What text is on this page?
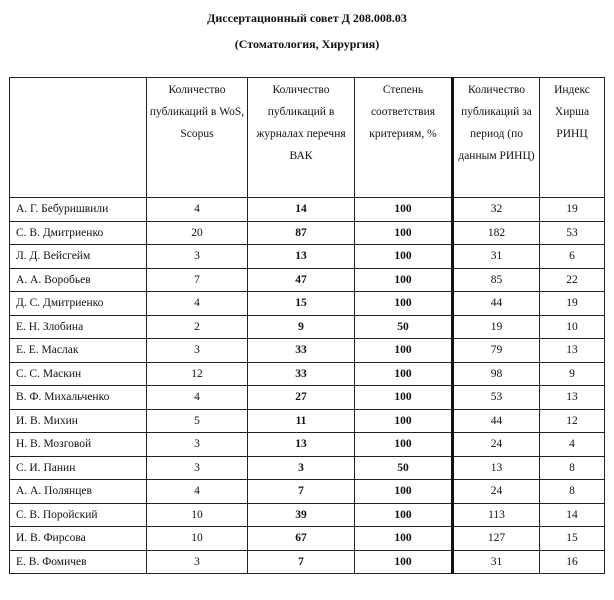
Диссертационный совет Д 208.008.03
(Стоматология, Хирургия)
	Количество публикаций в WoS, Scopus	Количество публикаций в журналах перечня ВАК	Степень соответствия критериям, %	Количество публикаций за период (по данным РИНЦ)	Индекс Хирша РИНЦ
А. Г. Бебуришвили	4	14	100	32	19
С. В. Дмитриенко	20	87	100	182	53
Л. Д. Вейсгейм	3	13	100	31	6
А. А. Воробьев	7	47	100	85	22
Д. С. Дмитриенко	4	15	100	44	19
Е. Н. Злобина	2	9	50	19	10
Е. Е. Маслак	3	33	100	79	13
С. С. Маскин	12	33	100	98	9
В. Ф. Михальченко	4	27	100	53	13
И. В. Михин	5	11	100	44	12
Н. В. Мозговой	3	13	100	24	4
С. И. Панин	3	3	50	13	8
А. А. Полянцев	4	7	100	24	8
С. В. Поройский	10	39	100	113	14
И. В. Фирсова	10	67	100	127	15
Е. В. Фомичев	3	7	100	31	16
